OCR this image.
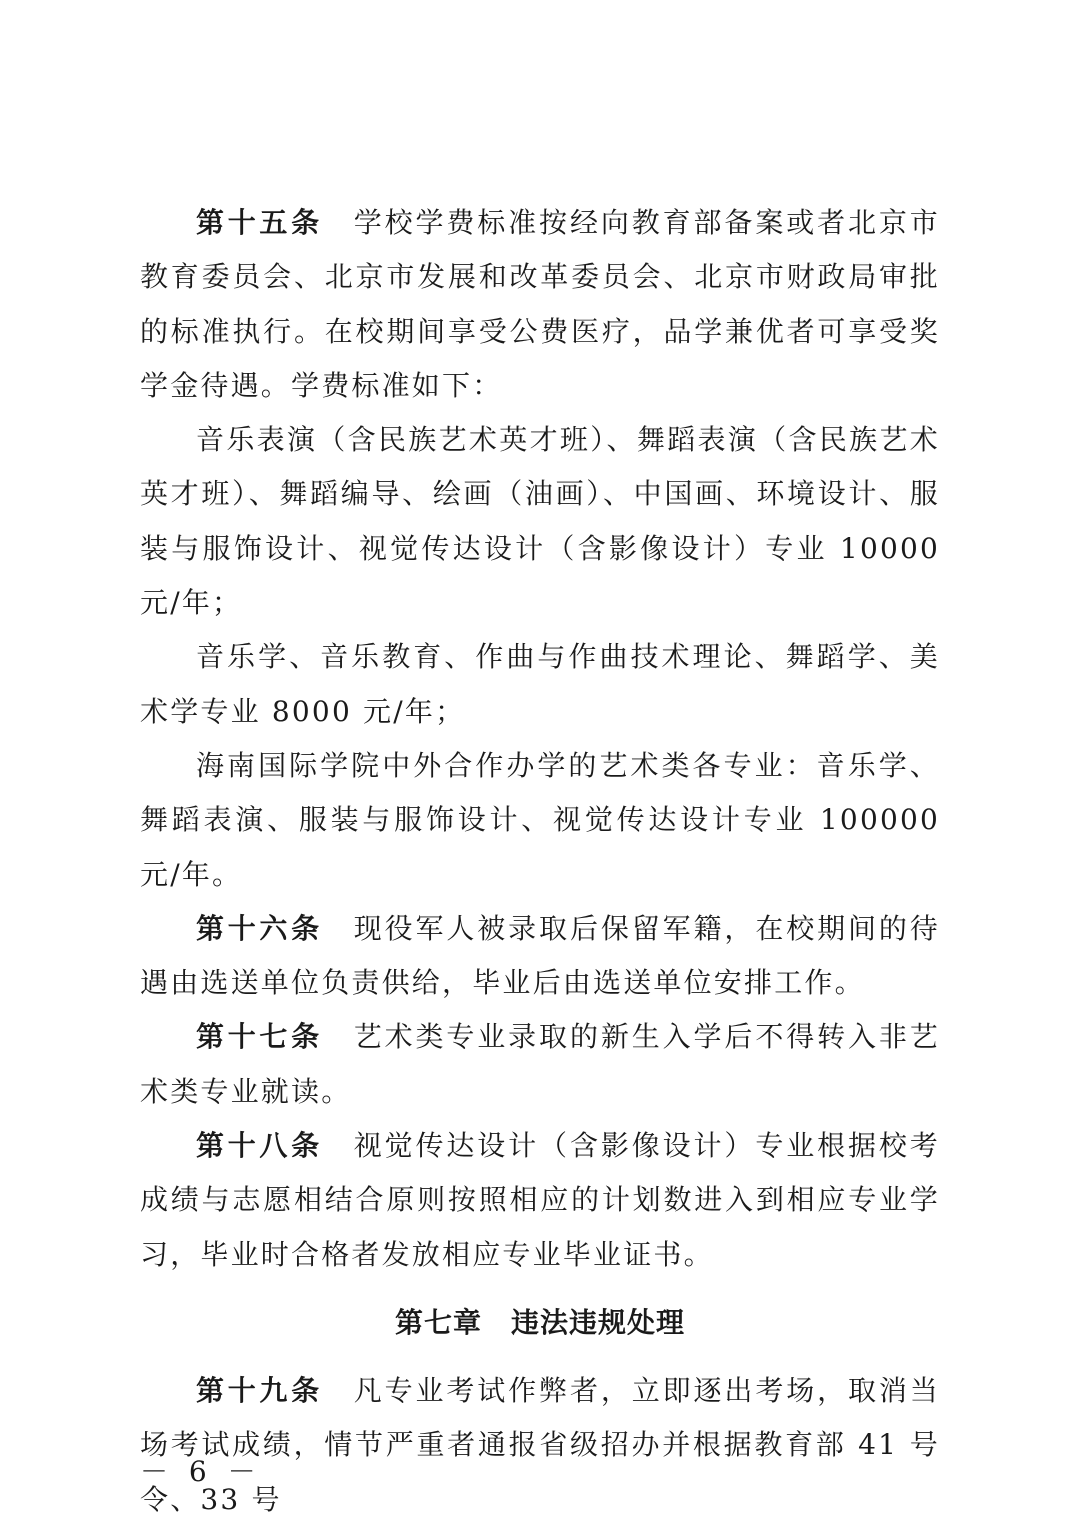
第十五条　 学校学费标准按经向教育部备案或者北京市教育委员会、北京市发展和改革委员会、北京市财政局审批的标准执行。在校期间享受公费医疗，品学兼优者可享受奖学金待遇。学费标准如下：

音乐表演（含民族艺术英才班）、舞蹈表演（含民族艺术英才班）、舞蹈编导、绘画（油画）、中国画、环境设计、服装与服饰设计、视觉传达设计（含影像设计）专业 10000 元/年；

音乐学、音乐教育、作曲与作曲技术理论、舞蹈学、美术学专业 8000 元/年；

海南国际学院中外合作办学的艺术类各专业：音乐学、舞蹈表演、服装与服饰设计、视觉传达设计专业 100000 元/年。

第十六条　 现役军人被录取后保留军籍，在校期间的待遇由选送单位负责供给，毕业后由选送单位安排工作。

第十七条　 艺术类专业录取的新生入学后不得转入非艺术类专业就读。

第十八条　 视觉传达设计（含影像设计）专业根据校考成绩与志愿相结合原则按照相应的计划数进入到相应专业学习，毕业时合格者发放相应专业毕业证书。

第七章　违法违规处理

第十九条　 凡专业考试作弊者，立即逐出考场，取消当场考试成绩，情节严重者通报省级招办并根据教育部 41 号令、33 号

－ 6 －
